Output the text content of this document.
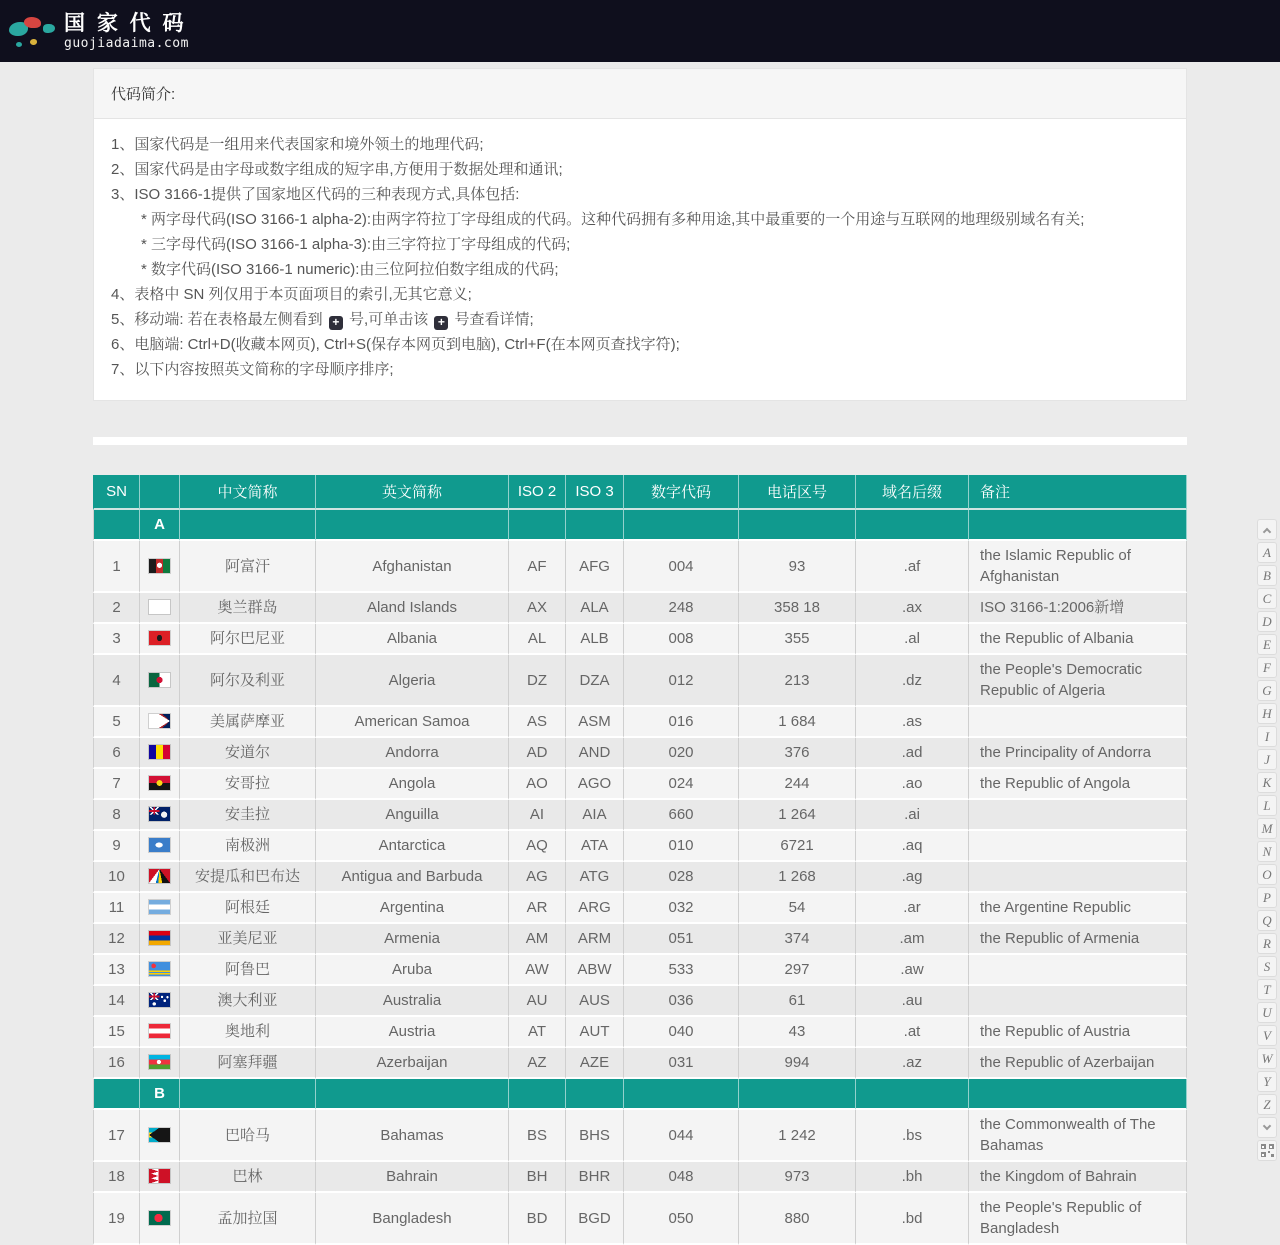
国 家 代 码
guojiadaima.com
代码简介:
1、国家代码是一组用来代表国家和境外领土的地理代码;
2、国家代码是由字母或数字组成的短字串,方便用于数据处理和通讯;
3、ISO 3166-1提供了国家地区代码的三种表现方式,具体包括:
* 两字母代码(ISO 3166-1 alpha-2):由两字符拉丁字母组成的代码。这种代码拥有多种用途,其中最重要的一个用途与互联网的地理级别域名有关;
* 三字母代码(ISO 3166-1 alpha-3):由三字符拉丁字母组成的代码;
* 数字代码(ISO 3166-1 numeric):由三位阿拉伯数字组成的代码;
4、表格中 SN 列仅用于本页面项目的索引,无其它意义;
5、移动端: 若在表格最左侧看到 + 号,可单击该 + 号查看详情;
6、电脑端: Ctrl+D(收藏本网页), Ctrl+S(保存本网页到电脑), Ctrl+F(在本网页查找字符);
7、以下内容按照英文简称的字母顺序排序;
SN		中文简称	英文简称	ISO 2	ISO 3	数字代码	电话区号	域名后缀	备注
	A								
1		阿富汗	Afghanistan	AF	AFG	004	93	.af	the Islamic Republic of Afghanistan
2		奥兰群岛	Aland Islands	AX	ALA	248	358 18	.ax	ISO 3166-1:2006新增
3		阿尔巴尼亚	Albania	AL	ALB	008	355	.al	the Republic of Albania
4		阿尔及利亚	Algeria	DZ	DZA	012	213	.dz	the People's Democratic Republic of Algeria
5		美属萨摩亚	American Samoa	AS	ASM	016	1 684	.as	
6		安道尔	Andorra	AD	AND	020	376	.ad	the Principality of Andorra
7		安哥拉	Angola	AO	AGO	024	244	.ao	the Republic of Angola
8		安圭拉	Anguilla	AI	AIA	660	1 264	.ai	
9		南极洲	Antarctica	AQ	ATA	010	6721	.aq	
10		安提瓜和巴布达	Antigua and Barbuda	AG	ATG	028	1 268	.ag	
11		阿根廷	Argentina	AR	ARG	032	54	.ar	the Argentine Republic
12		亚美尼亚	Armenia	AM	ARM	051	374	.am	the Republic of Armenia
13		阿鲁巴	Aruba	AW	ABW	533	297	.aw	
14		澳大利亚	Australia	AU	AUS	036	61	.au	
15		奥地利	Austria	AT	AUT	040	43	.at	the Republic of Austria
16		阿塞拜疆	Azerbaijan	AZ	AZE	031	994	.az	the Republic of Azerbaijan
	B								
17		巴哈马	Bahamas	BS	BHS	044	1 242	.bs	the Commonwealth of The Bahamas
18		巴林	Bahrain	BH	BHR	048	973	.bh	the Kingdom of Bahrain
19		孟加拉国	Bangladesh	BD	BGD	050	880	.bd	the People's Republic of Bangladesh
A
B
C
D
E
F
G
H
I
J
K
L
M
N
O
P
Q
R
S
T
U
V
W
Y
Z
